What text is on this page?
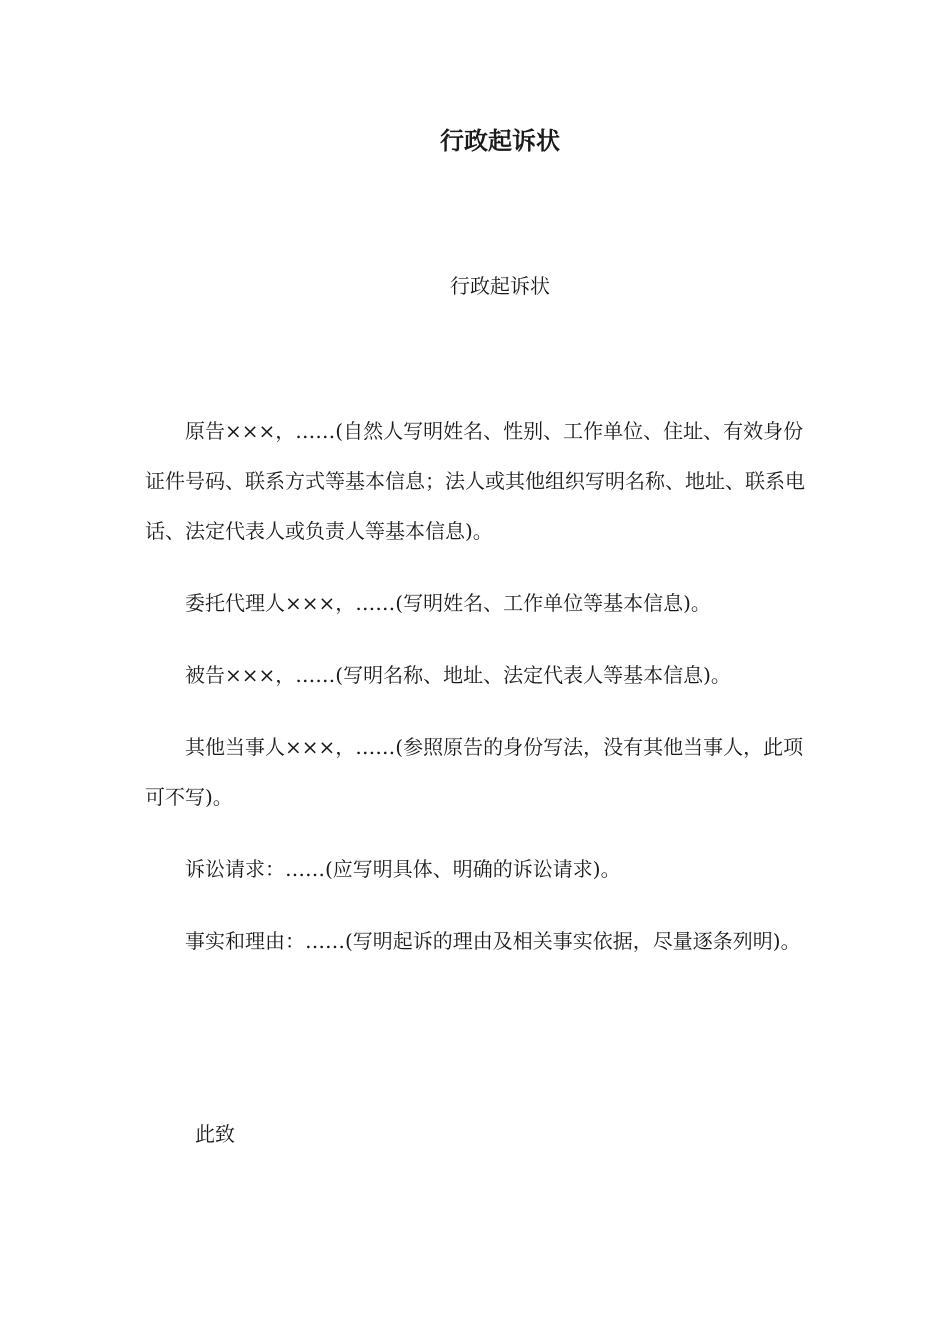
行政起诉状
行政起诉状

原告×××，……(自然人写明姓名、性别、工作单位、住址、有效身份证件号码、联系方式等基本信息；法人或其他组织写明名称、地址、联系电话、法定代表人或负责人等基本信息)。

委托代理人×××，……(写明姓名、工作单位等基本信息)。

被告×××，……(写明名称、地址、法定代表人等基本信息)。

其他当事人×××，……(参照原告的身份写法，没有其他当事人，此项可不写)。

诉讼请求：……(应写明具体、明确的诉讼请求)。

事实和理由：……(写明起诉的理由及相关事实依据，尽量逐条列明)。

此致
